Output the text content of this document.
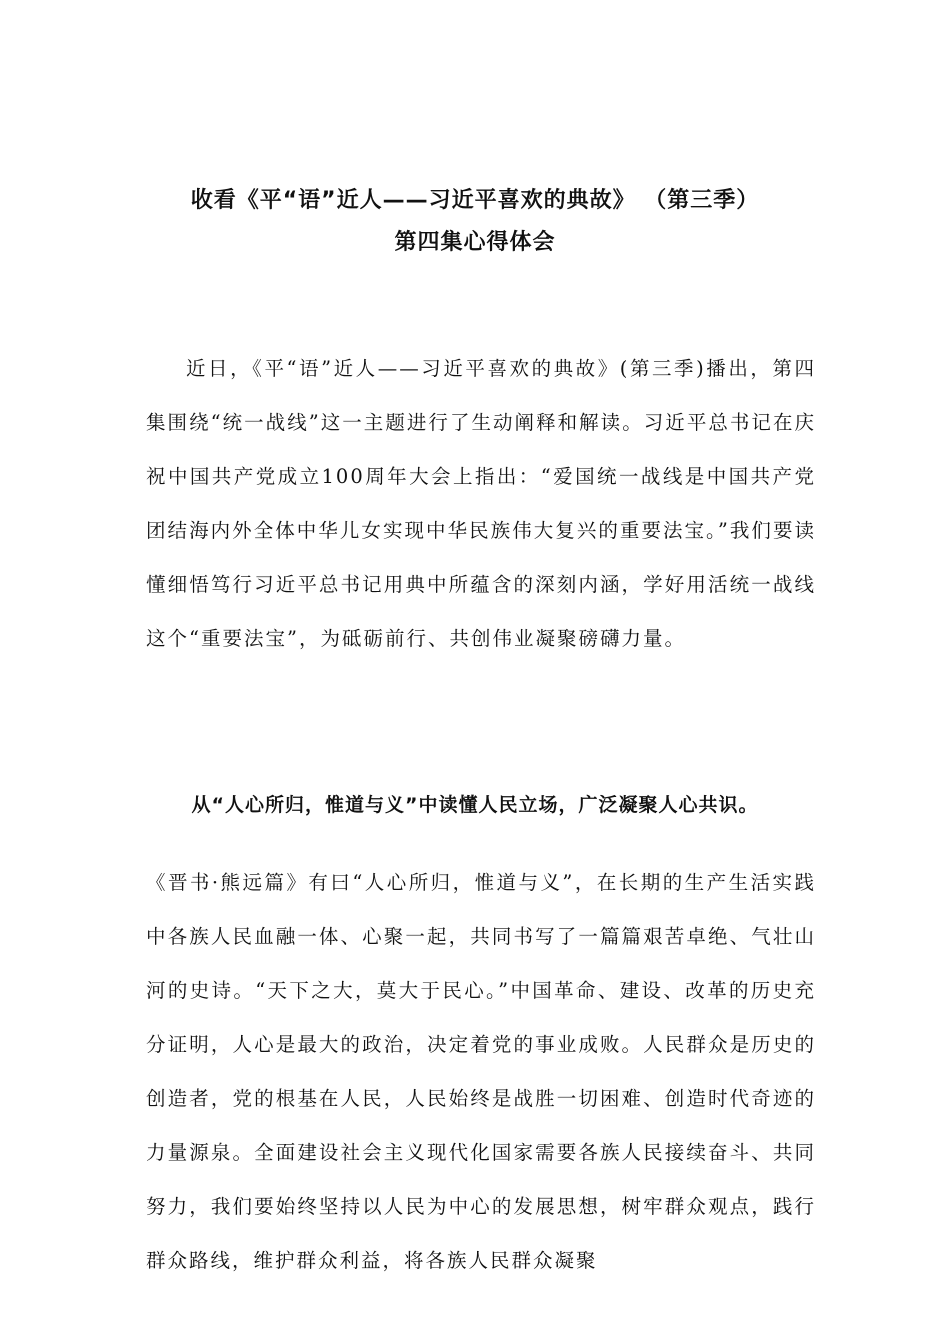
收看《平“语”近人——习近平喜欢的典故》 （第三季）
第四集心得体会

近日，《平“语”近人——习近平喜欢的典故》(第三季)播出，第四集围绕“统一战线”这一主题进行了生动阐释和解读。习近平总书记在庆祝中国共产党成立100周年大会上指出：“爱国统一战线是中国共产党团结海内外全体中华儿女实现中华民族伟大复兴的重要法宝。”我们要读懂细悟笃行习近平总书记用典中所蕴含的深刻内涵，学好用活统一战线这个“重要法宝”，为砥砺前行、共创伟业凝聚磅礴力量。

从“人心所归，惟道与义”中读懂人民立场，广泛凝聚人心共识。

《晋书·熊远篇》有曰“人心所归，惟道与义”，在长期的生产生活实践中各族人民血融一体、心聚一起，共同书写了一篇篇艰苦卓绝、气壮山河的史诗。“天下之大，莫大于民心。”中国革命、建设、改革的历史充分证明，人心是最大的政治，决定着党的事业成败。人民群众是历史的创造者，党的根基在人民，人民始终是战胜一切困难、创造时代奇迹的力量源泉。全面建设社会主义现代化国家需要各族人民接续奋斗、共同努力，我们要始终坚持以人民为中心的发展思想，树牢群众观点，践行群众路线，维护群众利益，将各族人民群众凝聚
